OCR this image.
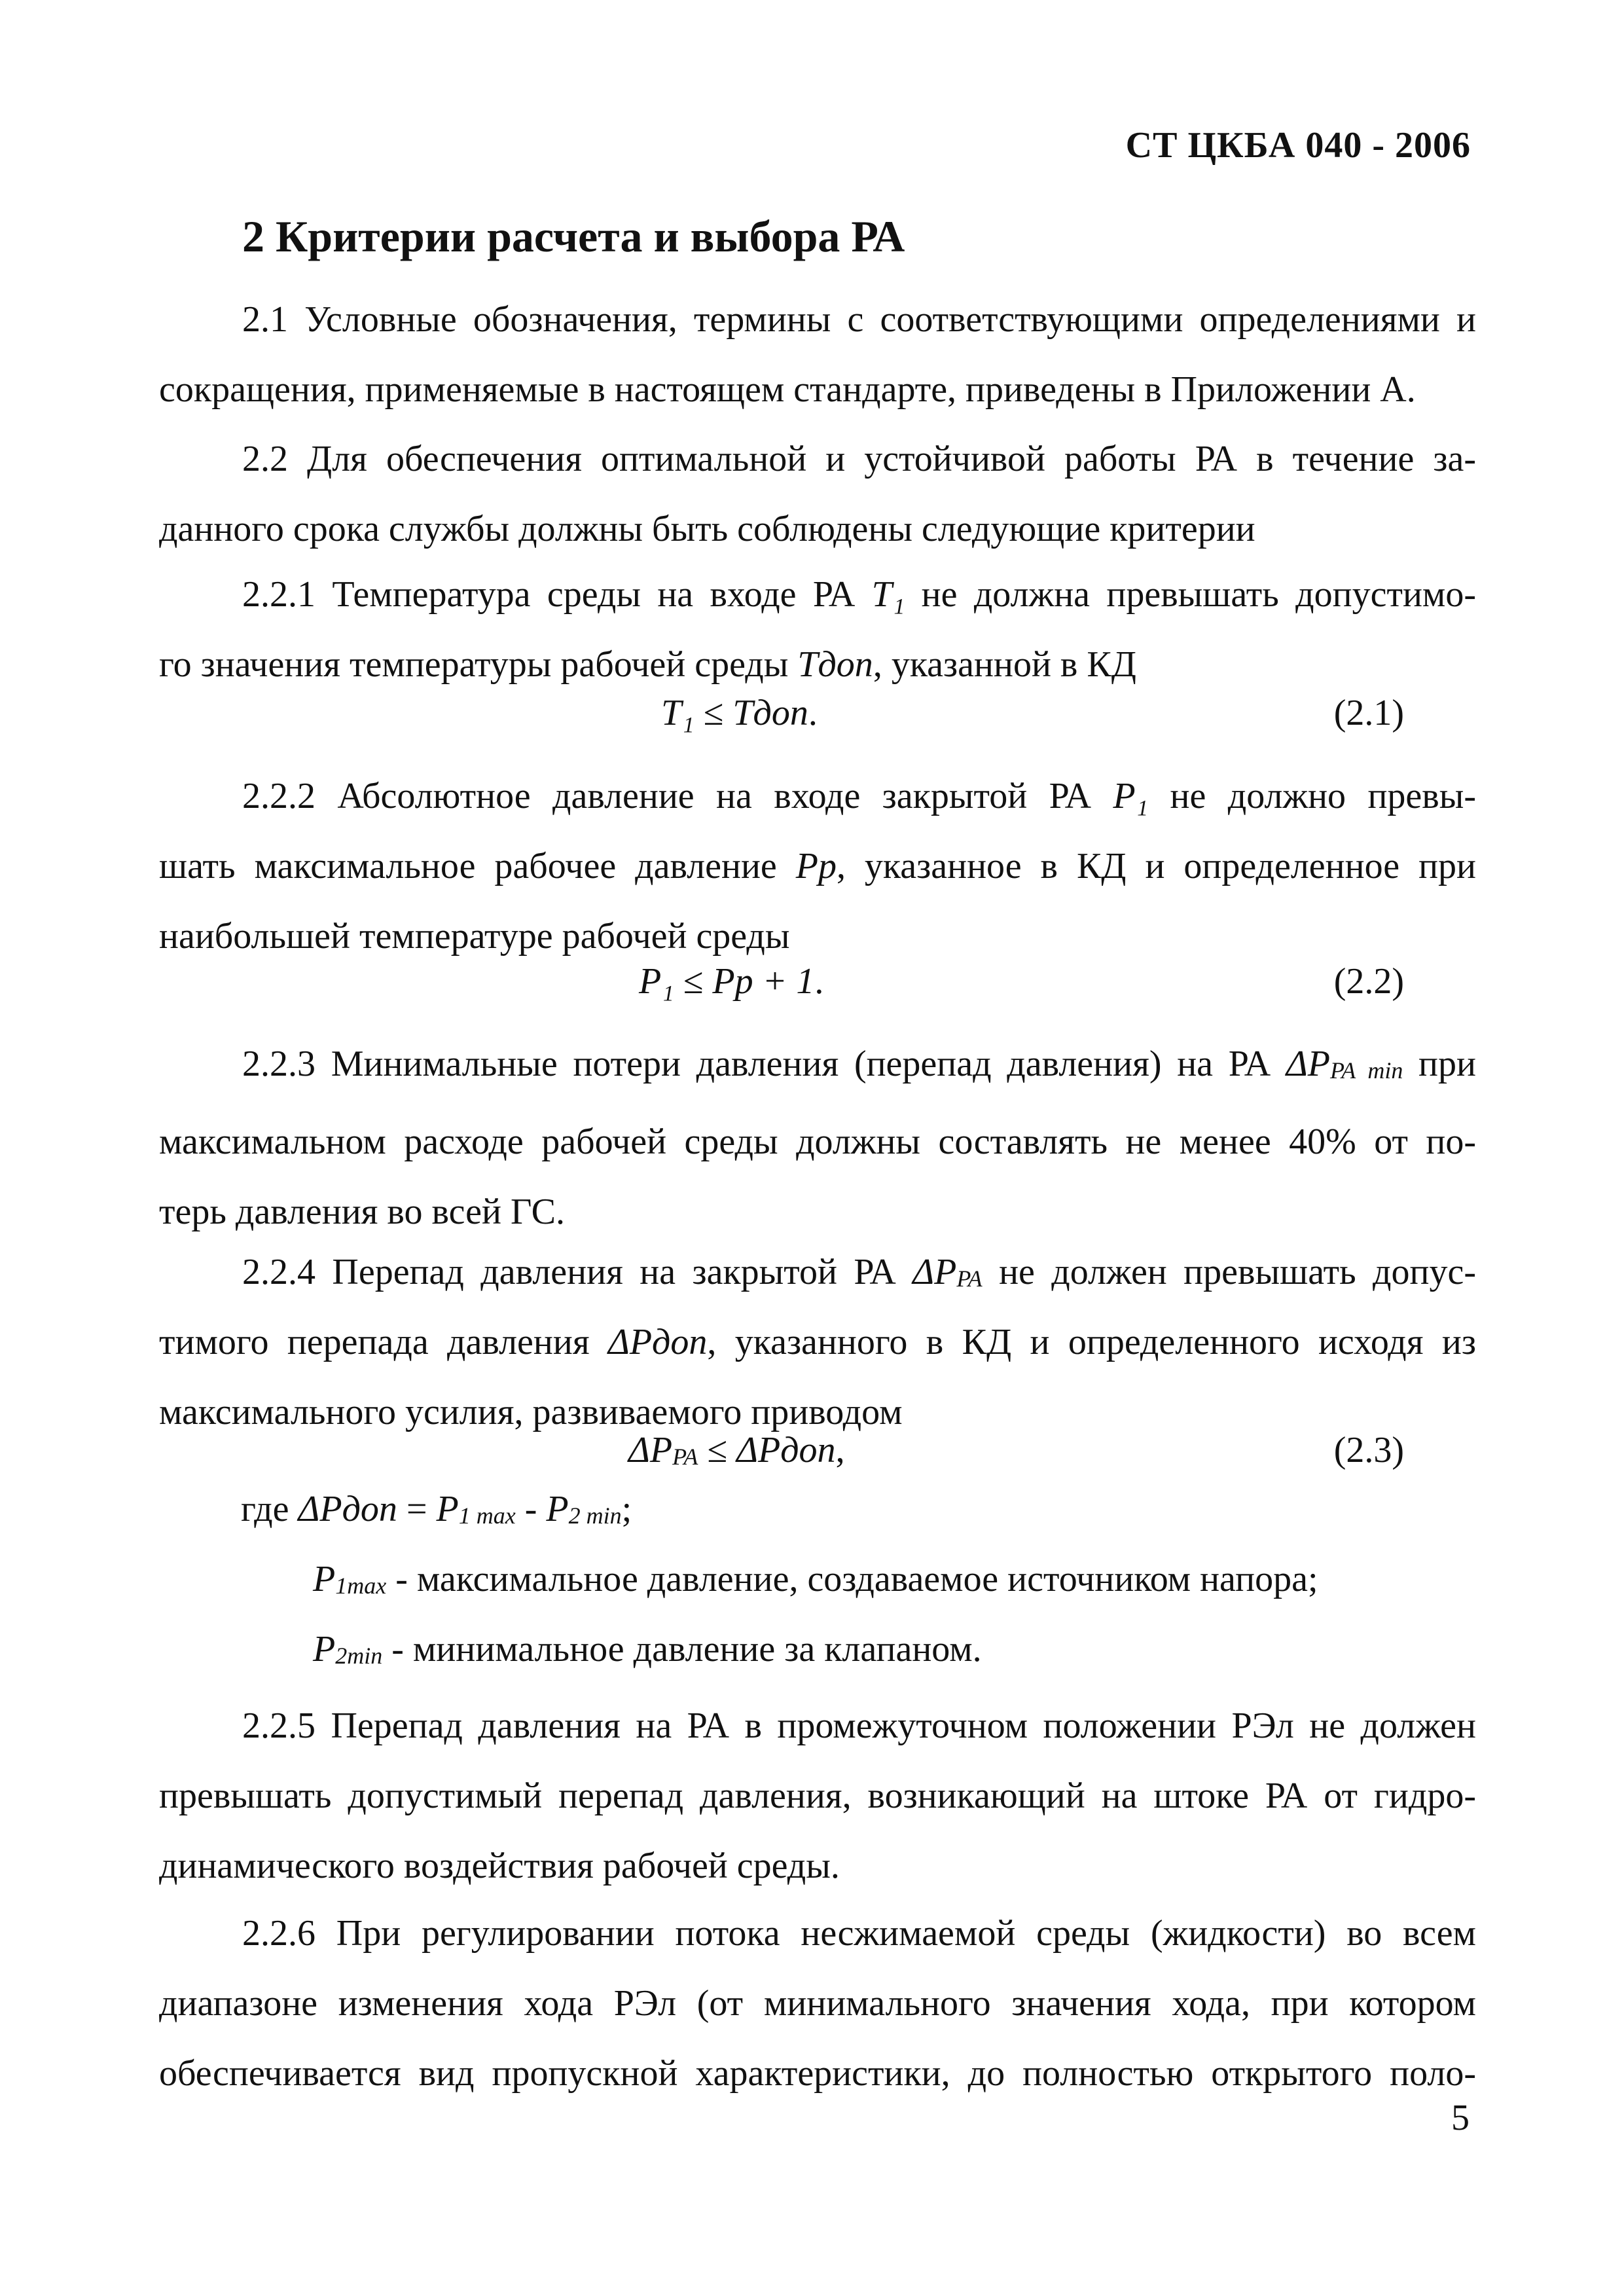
СТ ЦКБА 040 - 2006
2 Критерии расчета и выбора РА
2.1 Условные обозначения, термины с соответствующими определениями и
сокращения, применяемые в настоящем стандарте, приведены в Приложении А.
2.2 Для обеспечения оптимальной и устойчивой работы РА в течение за-
данного срока службы должны быть соблюдены следующие критерии
2.2.1 Температура среды на входе РА T₁ не должна превышать допустимо-
го значения температуры рабочей среды Tдоп, указанной в КД
T₁ ≤ Tдоп.	(2.1)
2.2.2 Абсолютное давление на входе закрытой РА P₁ не должно превы-
шать максимальное рабочее давление Pp, указанное в КД и определенное при
наибольшей температуре рабочей среды
P₁ ≤ Pp + 1.	(2.2)
2.2.3 Минимальные потери давления (перепад давления) на РА ΔPPA min при
максимальном расходе рабочей среды должны составлять не менее 40% от по-
терь давления во всей ГС.
2.2.4 Перепад давления на закрытой РА ΔPPA не должен превышать допус-
тимого перепада давления ΔPдоп, указанного в КД и определенного исходя из
максимального усилия, развиваемого приводом
ΔPPA ≤ ΔPдоп,	(2.3)
где ΔPдоп = P1 max - P2 min;
P1max - максимальное давление, создаваемое источником напора;
P2min - минимальное давление за клапаном.
2.2.5 Перепад давления на РА в промежуточном положении РЭл не должен
превышать допустимый перепад давления, возникающий на штоке РА от гидро-
динамического воздействия рабочей среды.
2.2.6 При регулировании потока несжимаемой среды (жидкости) во всем
диапазоне изменения хода РЭл (от минимального значения хода, при котором
обеспечивается вид пропускной характеристики, до полностью открытого поло-
5
